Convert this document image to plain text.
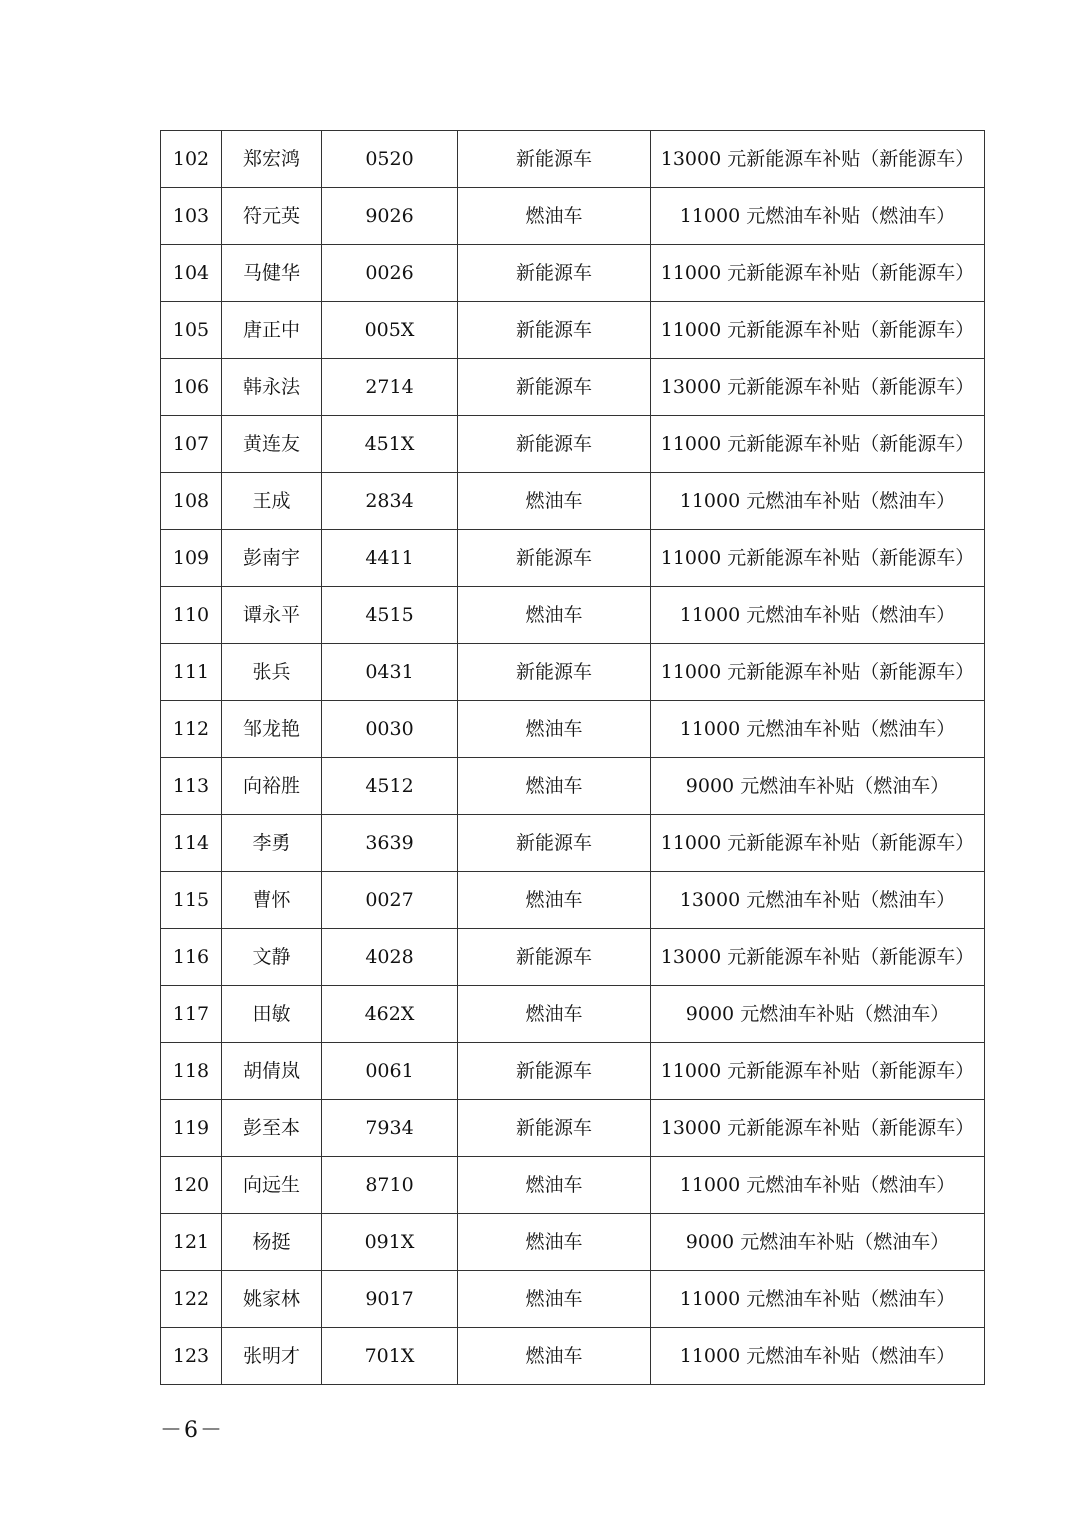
102	郑宏鸿	0520	新能源车	13000 元新能源车补贴（新能源车）
103	符元英	9026	燃油车	11000 元燃油车补贴（燃油车）
104	马健华	0026	新能源车	11000 元新能源车补贴（新能源车）
105	唐正中	005X	新能源车	11000 元新能源车补贴（新能源车）
106	韩永法	2714	新能源车	13000 元新能源车补贴（新能源车）
107	黄连友	451X	新能源车	11000 元新能源车补贴（新能源车）
108	王成	2834	燃油车	11000 元燃油车补贴（燃油车）
109	彭南宇	4411	新能源车	11000 元新能源车补贴（新能源车）
110	谭永平	4515	燃油车	11000 元燃油车补贴（燃油车）
111	张兵	0431	新能源车	11000 元新能源车补贴（新能源车）
112	邹龙艳	0030	燃油车	11000 元燃油车补贴（燃油车）
113	向裕胜	4512	燃油车	9000 元燃油车补贴（燃油车）
114	李勇	3639	新能源车	11000 元新能源车补贴（新能源车）
115	曹怀	0027	燃油车	13000 元燃油车补贴（燃油车）
116	文静	4028	新能源车	13000 元新能源车补贴（新能源车）
117	田敏	462X	燃油车	9000 元燃油车补贴（燃油车）
118	胡倩岚	0061	新能源车	11000 元新能源车补贴（新能源车）
119	彭至本	7934	新能源车	13000 元新能源车补贴（新能源车）
120	向远生	8710	燃油车	11000 元燃油车补贴（燃油车）
121	杨挺	091X	燃油车	9000 元燃油车补贴（燃油车）
122	姚家林	9017	燃油车	11000 元燃油车补贴（燃油车）
123	张明才	701X	燃油车	11000 元燃油车补贴（燃油车）
－6－
